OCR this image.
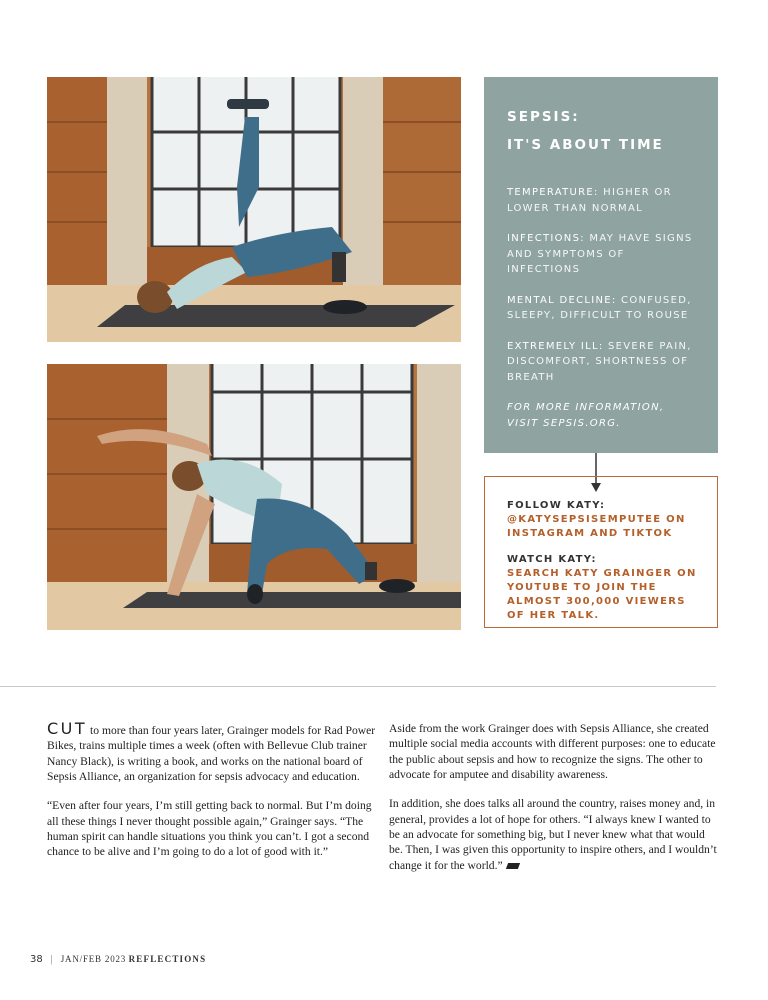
SEPSIS:
IT'S ABOUT TIME
TEMPERATURE: HIGHER OR LOWER THAN NORMAL
INFECTIONS: MAY HAVE SIGNS AND SYMPTOMS OF INFECTIONS
MENTAL DECLINE: CONFUSED, SLEEPY, DIFFICULT TO ROUSE
EXTREMELY ILL: SEVERE PAIN, DISCOMFORT, SHORTNESS OF BREATH
FOR MORE INFORMATION, VISIT SEPSIS.ORG.
FOLLOW KATY:
@KATYSEPSISEMPUTEE ON INSTAGRAM AND TIKTOK
WATCH KATY:
SEARCH KATY GRAINGER ON YOUTUBE TO JOIN THE ALMOST 300,000 VIEWERS OF HER TALK.

CUT to more than four years later, Grainger models for Rad Power Bikes, trains multiple times a week (often with Bellevue Club trainer Nancy Black), is writing a book, and works on the national board of Sepsis Alliance, an organization for sepsis advocacy and education.

“Even after four years, I’m still getting back to normal. But I’m doing all these things I never thought possible again,” Grainger says. “The human spirit can handle situations you think you can’t. I got a second chance to be alive and I’m going to do a lot of good with it.”

Aside from the work Grainger does with Sepsis Alliance, she created multiple social media accounts with different purposes: one to educate the public about sepsis and how to recognize the signs. The other to advocate for amputee and disability awareness.

In addition, she does talks all around the country, raises money and, in general, provides a lot of hope for others. “I always knew I wanted to be an advocate for something big, but I never knew what that would be. Then, I was given this opportunity to inspire others, and I wouldn’t change it for the world.”

38 | JAN/FEB 2023 REFLECTIONS
